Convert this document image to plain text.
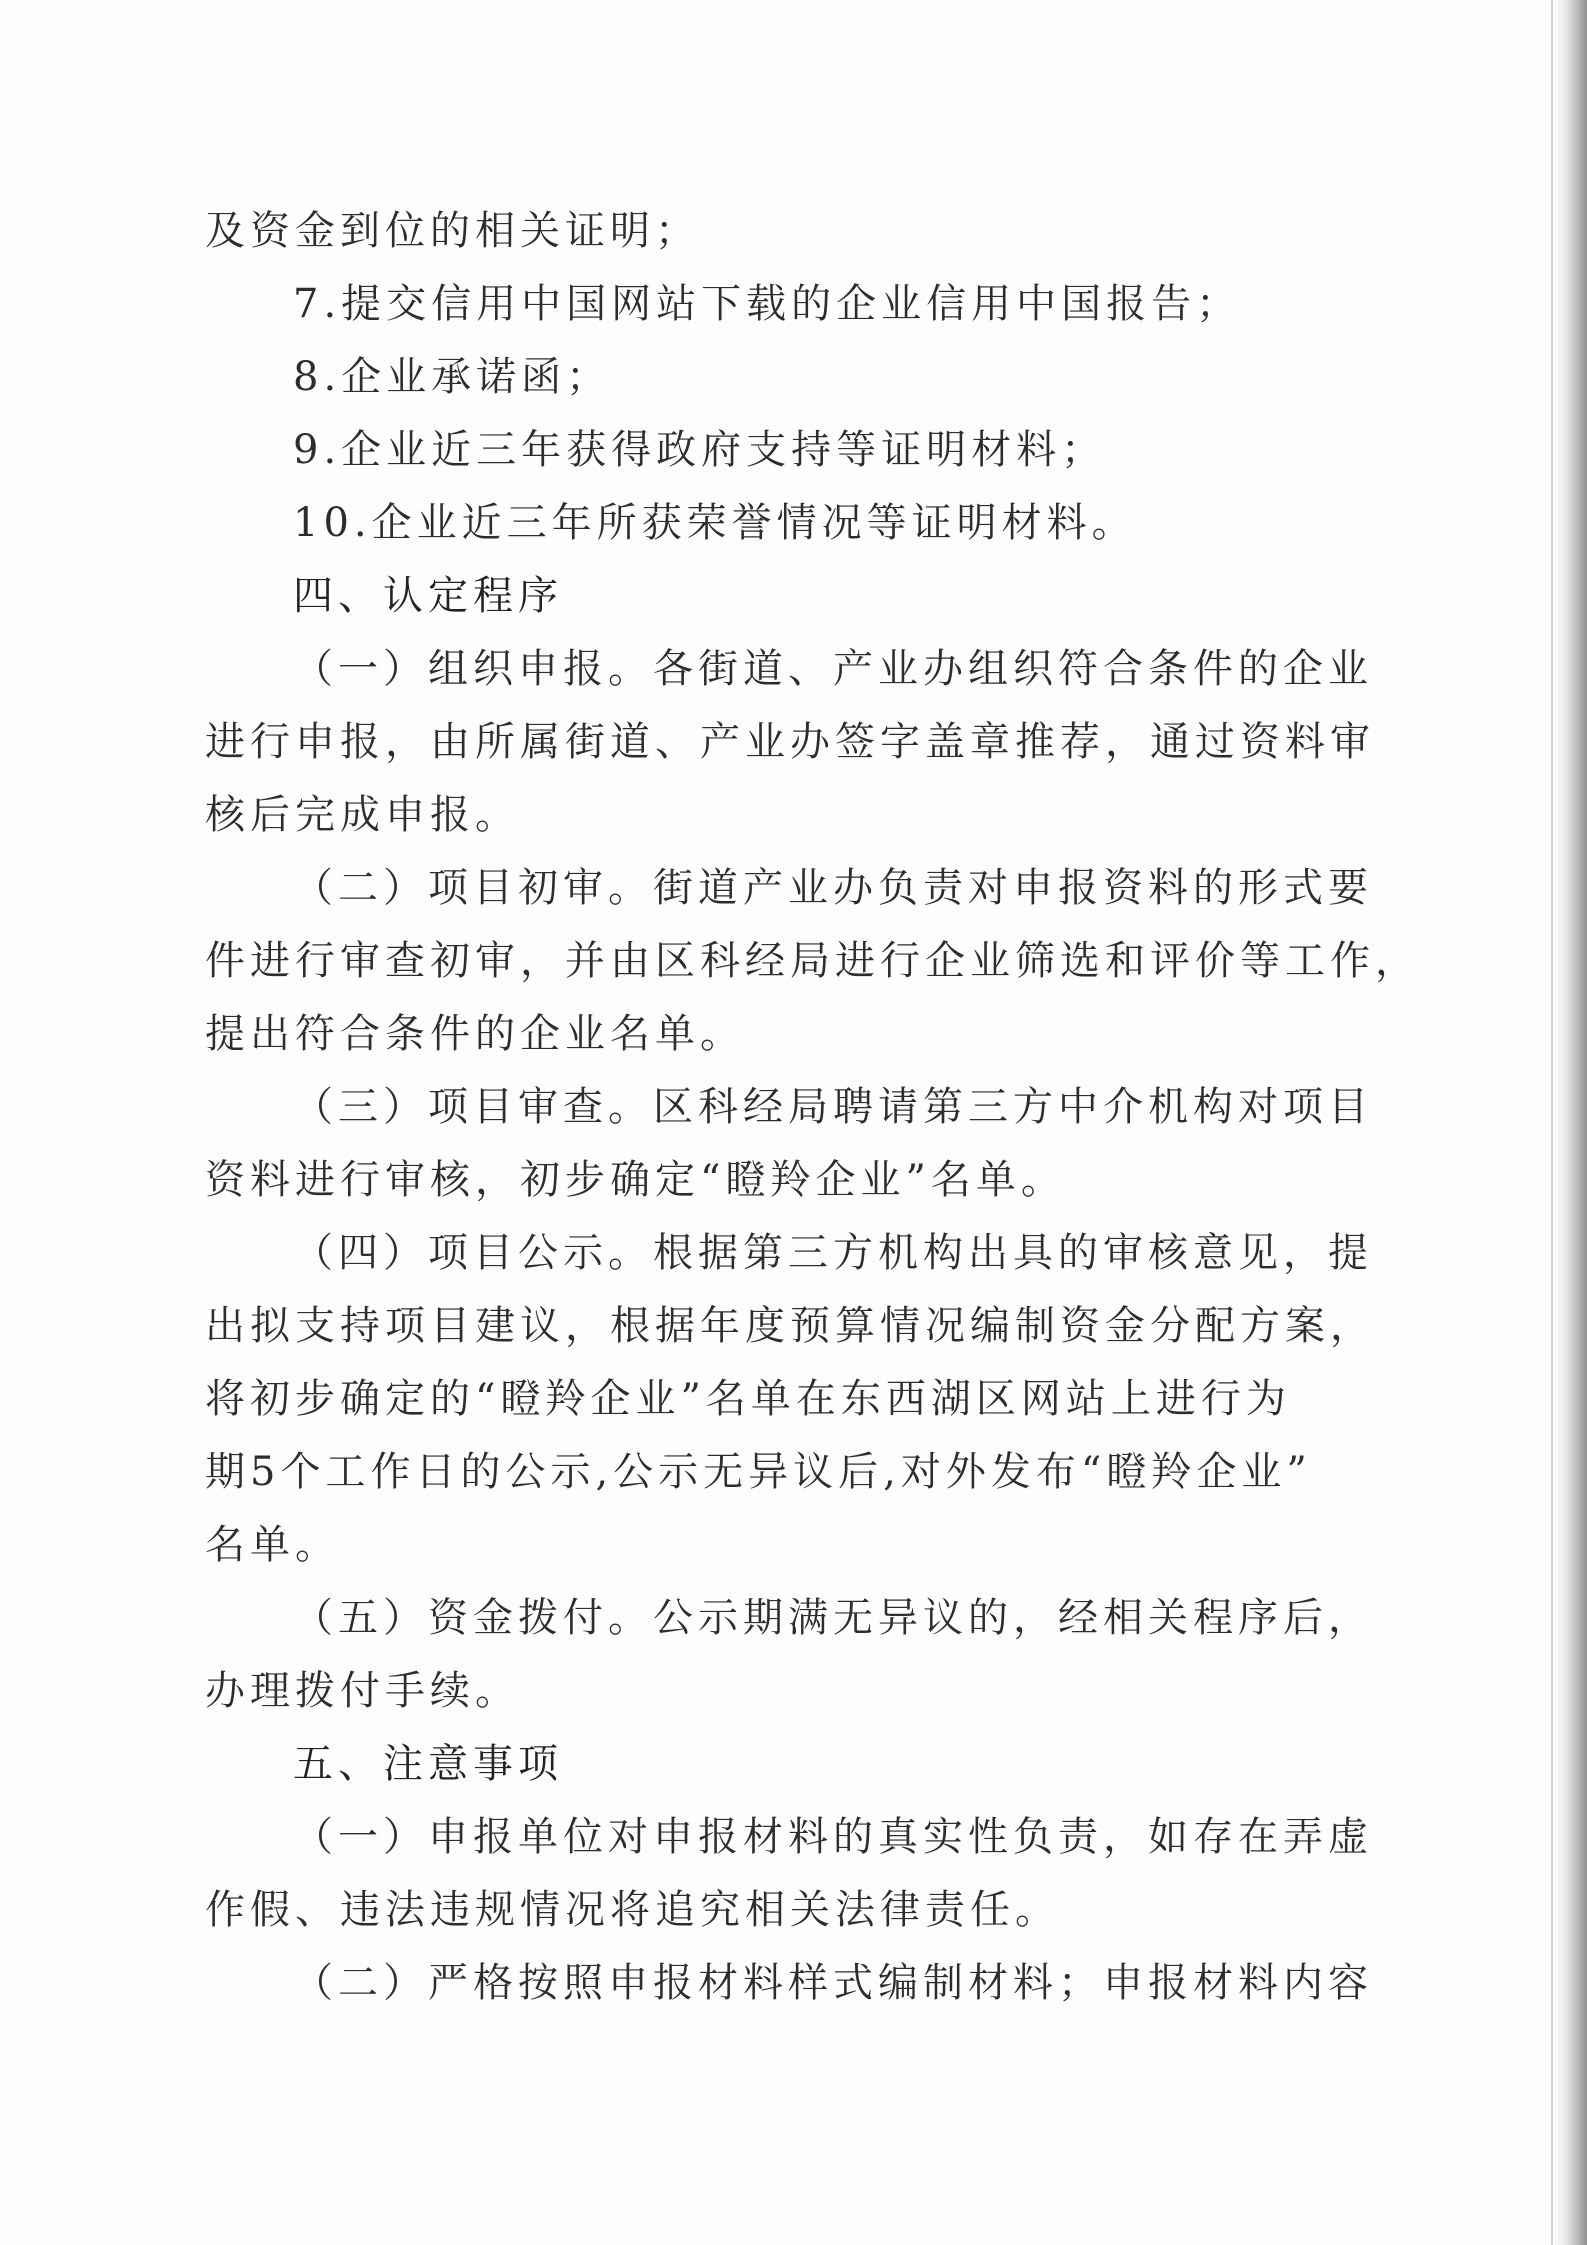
及资金到位的相关证明；
7.提交信用中国网站下载的企业信用中国报告；
8.企业承诺函；
9.企业近三年获得政府支持等证明材料；
10.企业近三年所获荣誉情况等证明材料。
四、认定程序
（一）组织申报。各街道、产业办组织符合条件的企业
进行申报，由所属街道、产业办签字盖章推荐，通过资料审
核后完成申报。
（二）项目初审。街道产业办负责对申报资料的形式要
件进行审查初审，并由区科经局进行企业筛选和评价等工作，
提出符合条件的企业名单。
（三）项目审查。区科经局聘请第三方中介机构对项目
资料进行审核，初步确定“瞪羚企业”名单。
（四）项目公示。根据第三方机构出具的审核意见，提
出拟支持项目建议，根据年度预算情况编制资金分配方案，
将初步确定的“瞪羚企业”名单在东西湖区网站上进行为
期5个工作日的公示,公示无异议后,对外发布“瞪羚企业”
名单。
（五）资金拨付。公示期满无异议的，经相关程序后，
办理拨付手续。
五、注意事项
（一）申报单位对申报材料的真实性负责，如存在弄虚
作假、违法违规情况将追究相关法律责任。
（二）严格按照申报材料样式编制材料；申报材料内容
